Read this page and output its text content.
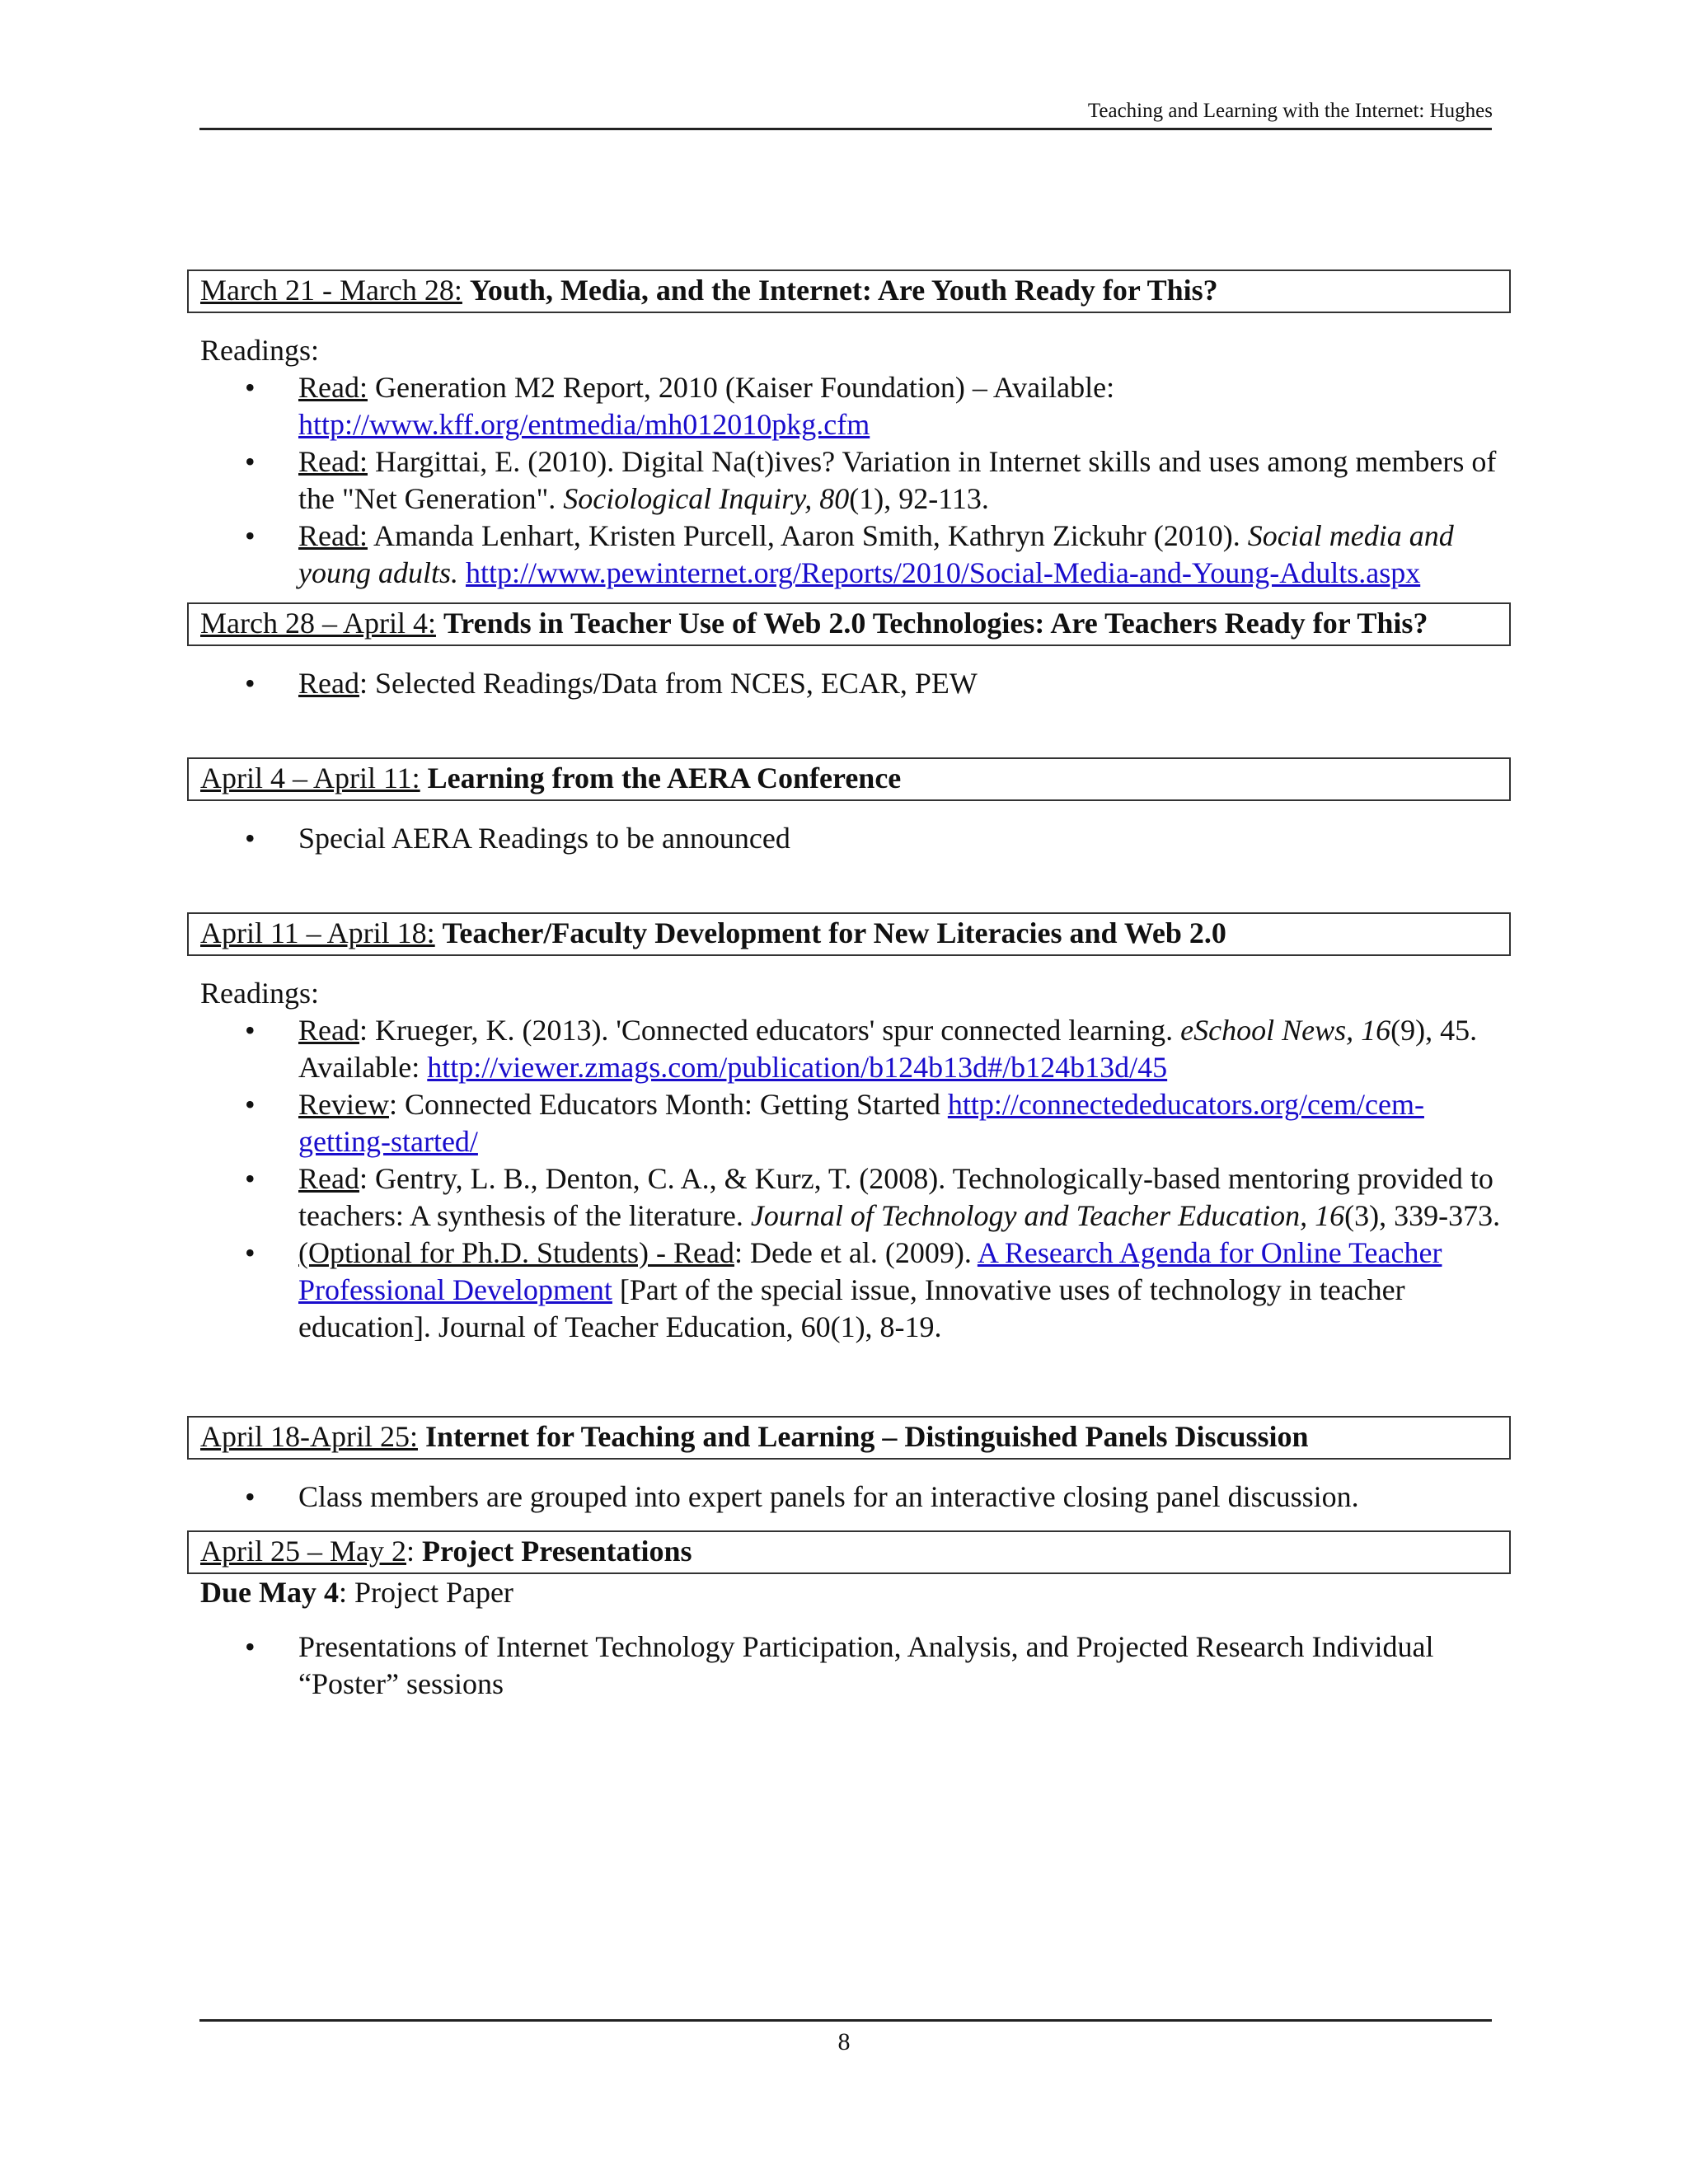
Teaching and Learning with the Internet: Hughes
March 21 - March 28: Youth, Media, and the Internet: Are Youth Ready for This?
Readings:
• Read: Generation M2 Report, 2010 (Kaiser Foundation) – Available: http://www.kff.org/entmedia/mh012010pkg.cfm
• Read: Hargittai, E. (2010). Digital Na(t)ives? Variation in Internet skills and uses among members of the "Net Generation". Sociological Inquiry, 80(1), 92-113.
• Read: Amanda Lenhart, Kristen Purcell, Aaron Smith, Kathryn Zickuhr (2010). Social media and young adults. http://www.pewinternet.org/Reports/2010/Social-Media-and-Young-Adults.aspx
March 28 – April 4: Trends in Teacher Use of Web 2.0 Technologies: Are Teachers Ready for This?
• Read: Selected Readings/Data from NCES, ECAR, PEW
April 4 – April 11: Learning from the AERA Conference
• Special AERA Readings to be announced
April 11 – April 18: Teacher/Faculty Development for New Literacies and Web 2.0
Readings:
• Read: Krueger, K. (2013). 'Connected educators' spur connected learning. eSchool News, 16(9), 45. Available: http://viewer.zmags.com/publication/b124b13d#/b124b13d/45
• Review: Connected Educators Month: Getting Started http://connectededucators.org/cem/cem-getting-started/
• Read: Gentry, L. B., Denton, C. A., & Kurz, T. (2008). Technologically-based mentoring provided to teachers: A synthesis of the literature. Journal of Technology and Teacher Education, 16(3), 339-373.
• (Optional for Ph.D. Students) - Read: Dede et al. (2009). A Research Agenda for Online Teacher Professional Development [Part of the special issue, Innovative uses of technology in teacher education]. Journal of Teacher Education, 60(1), 8-19.
April 18-April 25: Internet for Teaching and Learning – Distinguished Panels Discussion
• Class members are grouped into expert panels for an interactive closing panel discussion.
April 25 – May 2: Project Presentations
Due May 4: Project Paper
• Presentations of Internet Technology Participation, Analysis, and Projected Research Individual “Poster” sessions
8
